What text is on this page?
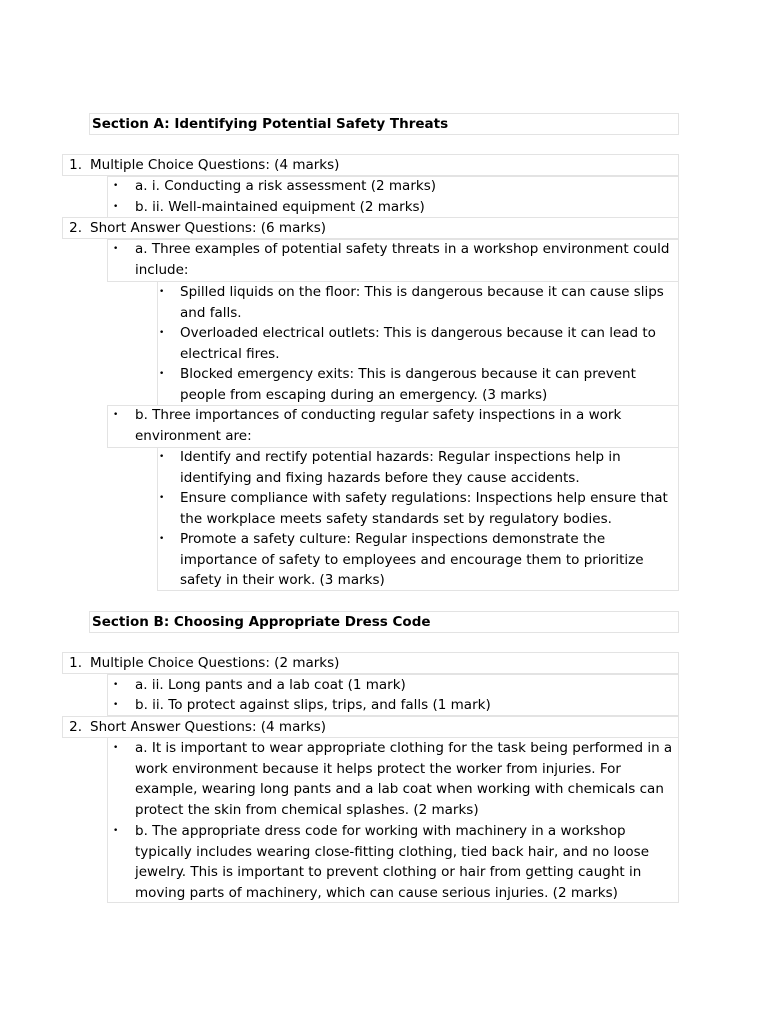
Section A: Identifying Potential Safety Threats
1. Multiple Choice Questions: (4 marks)
• a. i. Conducting a risk assessment (2 marks)
• b. ii. Well-maintained equipment (2 marks)
2. Short Answer Questions: (6 marks)
• a. Three examples of potential safety threats in a workshop environment could include:
• Spilled liquids on the floor: This is dangerous because it can cause slips and falls.
• Overloaded electrical outlets: This is dangerous because it can lead to electrical fires.
• Blocked emergency exits: This is dangerous because it can prevent people from escaping during an emergency. (3 marks)
• b. Three importances of conducting regular safety inspections in a work environment are:
• Identify and rectify potential hazards: Regular inspections help in identifying and fixing hazards before they cause accidents.
• Ensure compliance with safety regulations: Inspections help ensure that the workplace meets safety standards set by regulatory bodies.
• Promote a safety culture: Regular inspections demonstrate the importance of safety to employees and encourage them to prioritize safety in their work. (3 marks)
Section B: Choosing Appropriate Dress Code
1. Multiple Choice Questions: (2 marks)
• a. ii. Long pants and a lab coat (1 mark)
• b. ii. To protect against slips, trips, and falls (1 mark)
2. Short Answer Questions: (4 marks)
• a. It is important to wear appropriate clothing for the task being performed in a work environment because it helps protect the worker from injuries. For example, wearing long pants and a lab coat when working with chemicals can protect the skin from chemical splashes. (2 marks)
• b. The appropriate dress code for working with machinery in a workshop typically includes wearing close-fitting clothing, tied back hair, and no loose jewelry. This is important to prevent clothing or hair from getting caught in moving parts of machinery, which can cause serious injuries. (2 marks)
